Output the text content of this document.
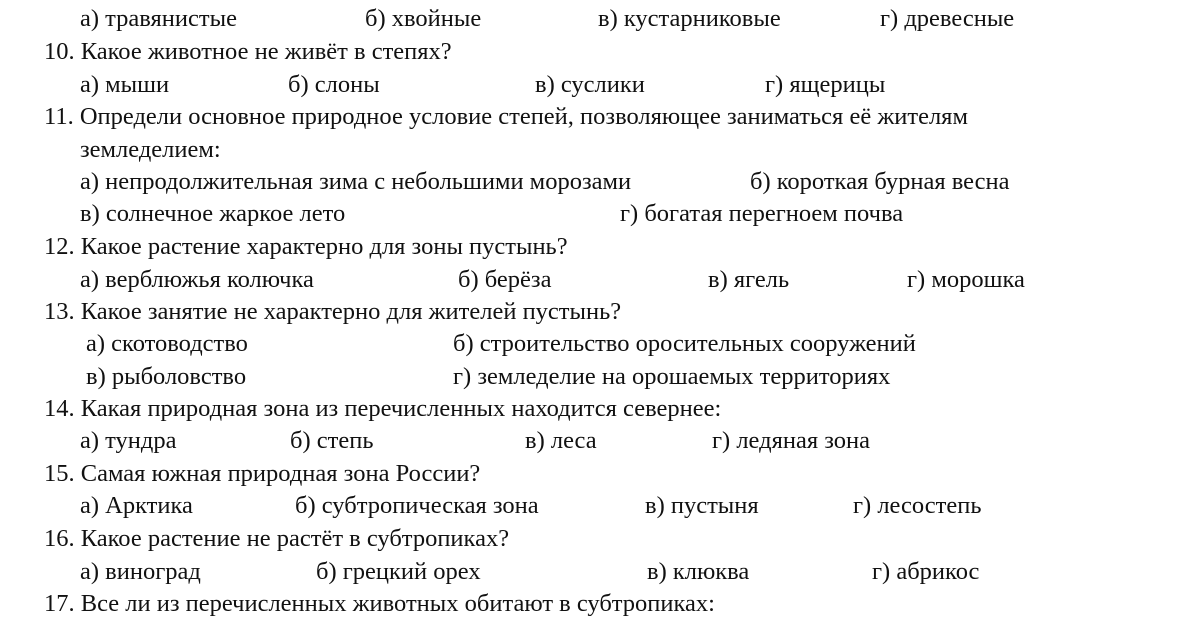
а) травянистые	б) хвойные	в) кустарниковые	г) древесные
10. Какое животное не живёт в степях?
а) мыши	б) слоны	в) суслики	г) ящерицы
11. Определи основное природное условие степей, позволяющее заниматься её жителям
земледелием:
а) непродолжительная зима с небольшими морозами	б) короткая бурная весна
в) солнечное жаркое лето	г) богатая перегноем почва
12. Какое растение характерно для зоны пустынь?
а) верблюжья колючка	б) берёза	в) ягель	г) морошка
13. Какое занятие не характерно для жителей пустынь?
а) скотоводство	б) строительство оросительных сооружений
в) рыболовство	г) земледелие на орошаемых территориях
14. Какая природная зона из перечисленных находится севернее:
а) тундра	б) степь	в) леса	г) ледяная зона
15. Самая южная природная зона России?
а) Арктика	б) субтропическая зона	в) пустыня	г) лесостепь
16. Какое растение не растёт в субтропиках?
а) виноград	б) грецкий орех	в) клюква	г) абрикос
17. Все ли из перечисленных животных обитают в субтропиках:
